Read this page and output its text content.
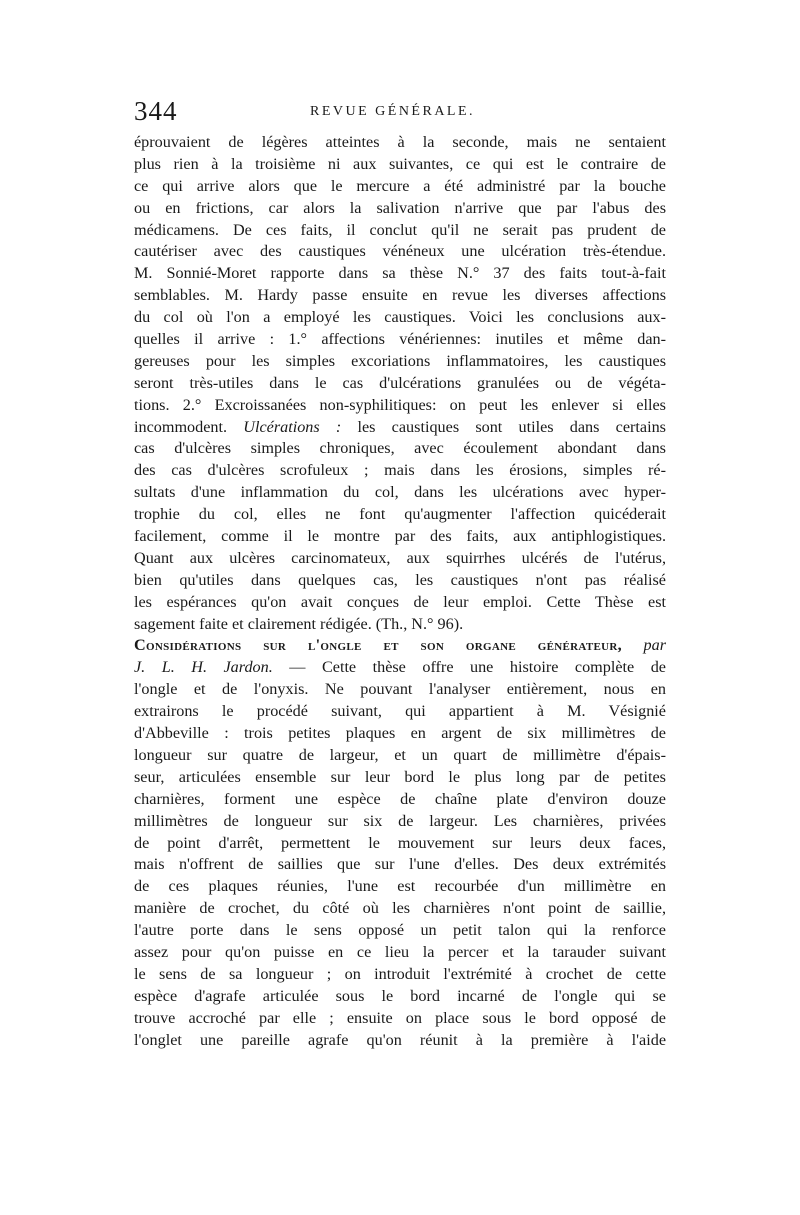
344	REVUE GÉNÉRALE.
éprouvaient de légères atteintes à la seconde, mais ne sentaient
plus rien à la troisième ni aux suivantes, ce qui est le contraire de
ce qui arrive alors que le mercure a été administré par la bouche
ou en frictions, car alors la salivation n'arrive que par l'abus des
médicamens. De ces faits, il conclut qu'il ne serait pas prudent de
cautériser avec des caustiques vénéneux une ulcération très-étendue.
M. Sonnié-Moret rapporte dans sa thèse N.° 37 des faits tout-à-fait
semblables. M. Hardy passe ensuite en revue les diverses affections
du col où l'on a employé les caustiques. Voici les conclusions aux-
quelles il arrive : 1.° affections vénériennes: inutiles et même dan-
gereuses pour les simples excoriations inflammatoires, les caustiques
seront très-utiles dans le cas d'ulcérations granulées ou de végéta-
tions. 2.° Excroissanées non-syphilitiques: on peut les enlever si elles
incommodent. Ulcérations : les caustiques sont utiles dans certains
cas d'ulcères simples chroniques, avec écoulement abondant dans
des cas d'ulcères scrofuleux ; mais dans les érosions, simples ré-
sultats d'une inflammation du col, dans les ulcérations avec hyper-
trophie du col, elles ne font qu'augmenter l'affection quicéderait
facilement, comme il le montre par des faits, aux antiphlogistiques.
Quant aux ulcères carcinomateux, aux squirrhes ulcérés de l'utérus,
bien qu'utiles dans quelques cas, les caustiques n'ont pas réalisé
les espérances qu'on avait conçues de leur emploi. Cette Thèse est
sagement faite et clairement rédigée. (Th., N.° 96).
Considérations sur l'ongle et son organe générateur, par
J. L. H. Jardon. — Cette thèse offre une histoire complète de
l'ongle et de l'onyxis. Ne pouvant l'analyser entièrement, nous en
extrairons le procédé suivant, qui appartient à M. Vésignié
d'Abbeville : trois petites plaques en argent de six millimètres de
longueur sur quatre de largeur, et un quart de millimètre d'épais-
seur, articulées ensemble sur leur bord le plus long par de petites
charnières, forment une espèce de chaîne plate d'environ douze
millimètres de longueur sur six de largeur. Les charnières, privées
de point d'arrêt, permettent le mouvement sur leurs deux faces,
mais n'offrent de saillies que sur l'une d'elles. Des deux extrémités
de ces plaques réunies, l'une est recourbée d'un millimètre en
manière de crochet, du côté où les charnières n'ont point de saillie,
l'autre porte dans le sens opposé un petit talon qui la renforce
assez pour qu'on puisse en ce lieu la percer et la tarauder suivant
le sens de sa longueur ; on introduit l'extrémité à crochet de cette
espèce d'agrafe articulée sous le bord incarné de l'ongle qui se
trouve accroché par elle ; ensuite on place sous le bord opposé de
l'onglet une pareille agrafe qu'on réunit à la première à l'aide
